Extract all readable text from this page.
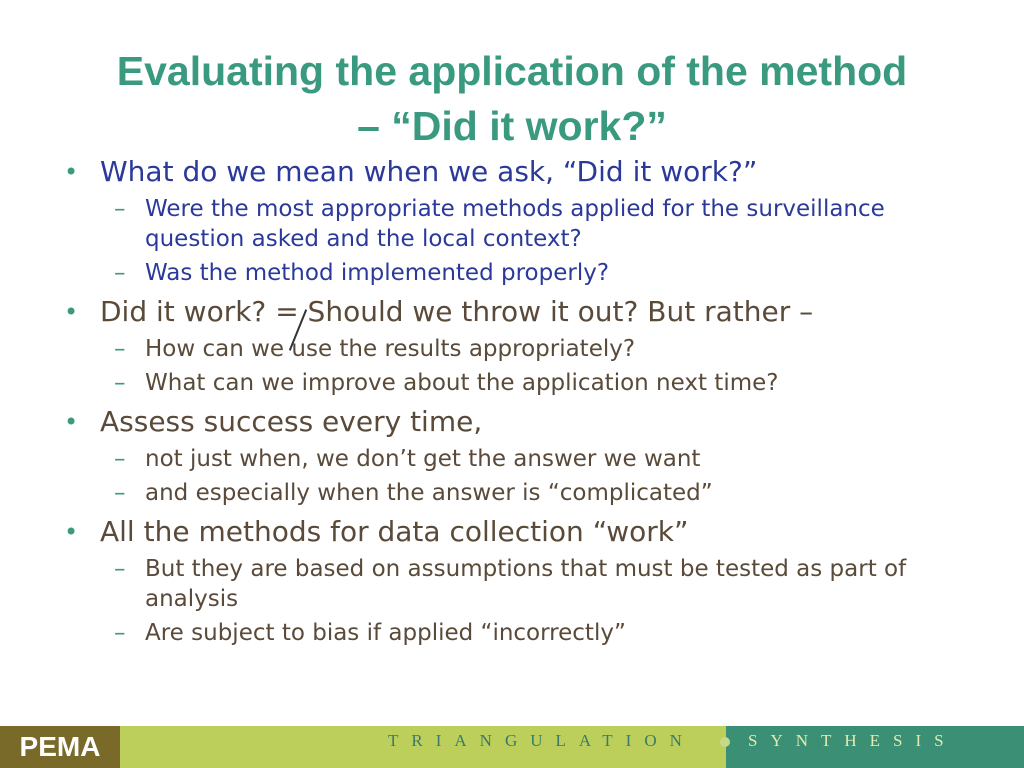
Evaluating the application of the method
– “Did it work?”
• What do we mean when we ask, “Did it work?”
– Were the most appropriate methods applied for the surveillance question asked and the local context?
– Was the method implemented properly?
• Did it work? = Should we throw it out? But rather –
– How can we use the results appropriately?
– What can we improve about the application next time?
• Assess success every time,
– not just when, we don’t get the answer we want
– and especially when the answer is “complicated”
• All the methods for data collection “work”
– But they are based on assumptions that must be tested as part of analysis
– Are subject to bias if applied “incorrectly”
PEMA	TRIANGULATION	SYNTHESIS
